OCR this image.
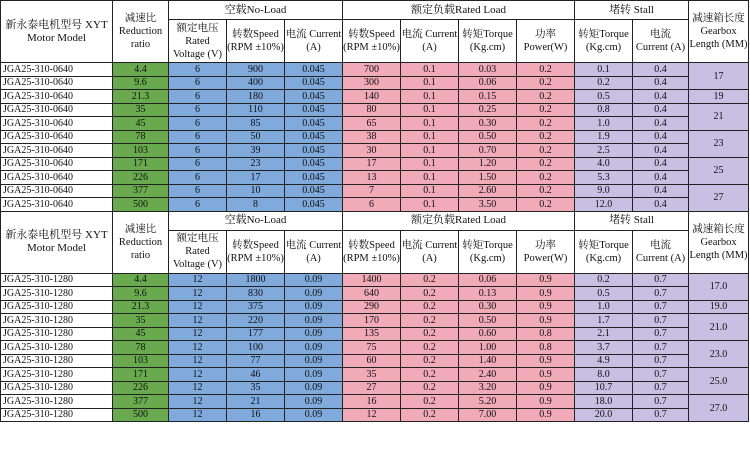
新永泰电机型号 XYT Motor Model	减速比 Reduction ratio	空载No-Load			额定负载Rated Load				堵转 Stall		减速箱长度 Gearbox Length (MM)
		额定电压 Rated Voltage (V)	转数Speed (RPM ±10%)	电流 Current (A)	转数Speed (RPM ±10%)	电流 Current (A)	转矩Torque (Kg.cm)	功率 Power(W)	转矩Torque (Kg.cm)	电流 Current (A)	
JGA25-310-0640	4.4	6	900	0.045	700	0.1	0.03	0.2	0.1	0.4	17
JGA25-310-0640	9.6	6	400	0.045	300	0.1	0.06	0.2	0.2	0.4	
JGA25-310-0640	21.3	6	180	0.045	140	0.1	0.15	0.2	0.5	0.4	19
JGA25-310-0640	35	6	110	0.045	80	0.1	0.25	0.2	0.8	0.4	21
JGA25-310-0640	45	6	85	0.045	65	0.1	0.30	0.2	1.0	0.4	
JGA25-310-0640	78	6	50	0.045	38	0.1	0.50	0.2	1.9	0.4	23
JGA25-310-0640	103	6	39	0.045	30	0.1	0.70	0.2	2.5	0.4	
JGA25-310-0640	171	6	23	0.045	17	0.1	1.20	0.2	4.0	0.4	25
JGA25-310-0640	226	6	17	0.045	13	0.1	1.50	0.2	5.3	0.4	
JGA25-310-0640	377	6	10	0.045	7	0.1	2.60	0.2	9.0	0.4	27
JGA25-310-0640	500	6	8	0.045	6	0.1	3.50	0.2	12.0	0.4	
新永泰电机型号 XYT Motor Model	减速比 Reduction ratio	空载No-Load			额定负载Rated Load				堵转 Stall		减速箱长度 Gearbox Length (MM)
		额定电压 Rated Voltage (V)	转数Speed (RPM ±10%)	电流 Current (A)	转数Speed (RPM ±10%)	电流 Current (A)	转矩Torque (Kg.cm)	功率 Power(W)	转矩Torque (Kg.cm)	电流 Current (A)	
JGA25-310-1280	4.4	12	1800	0.09	1400	0.2	0.06	0.9	0.2	0.7	17.0
JGA25-310-1280	9.6	12	830	0.09	640	0.2	0.13	0.9	0.5	0.7	
JGA25-310-1280	21.3	12	375	0.09	290	0.2	0.30	0.9	1.0	0.7	19.0
JGA25-310-1280	35	12	220	0.09	170	0.2	0.50	0.9	1.7	0.7	21.0
JGA25-310-1280	45	12	177	0.09	135	0.2	0.60	0.8	2.1	0.7	
JGA25-310-1280	78	12	100	0.09	75	0.2	1.00	0.8	3.7	0.7	23.0
JGA25-310-1280	103	12	77	0.09	60	0.2	1.40	0.9	4.9	0.7	
JGA25-310-1280	171	12	46	0.09	35	0.2	2.40	0.9	8.0	0.7	25.0
JGA25-310-1280	226	12	35	0.09	27	0.2	3.20	0.9	10.7	0.7	
JGA25-310-1280	377	12	21	0.09	16	0.2	5.20	0.9	18.0	0.7	27.0
JGA25-310-1280	500	12	16	0.09	12	0.2	7.00	0.9	20.0	0.7	
